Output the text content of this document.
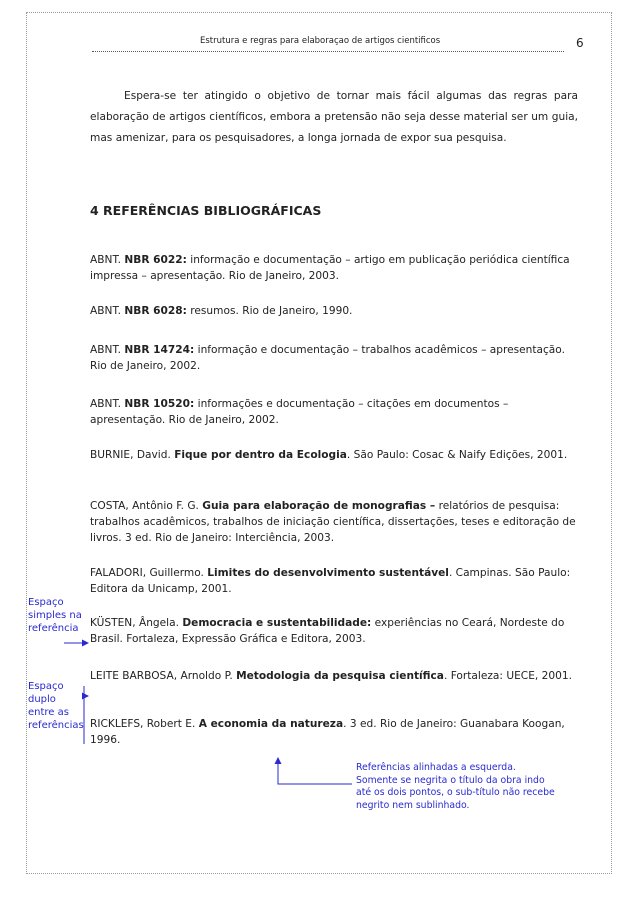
Estrutura e regras para elaboraçao de artigos cientificos	6

Espera-se ter atingido o objetivo de tornar mais fácil algumas das regras para elaboração de artigos científicos, embora a pretensão não seja desse material ser um guia, mas amenizar, para os pesquisadores, a longa jornada de expor sua pesquisa.

4 REFERÊNCIAS BIBLIOGRÁFICAS

ABNT. NBR 6022: informação e documentação – artigo em publicação periódica científica impressa – apresentação. Rio de Janeiro, 2003.

ABNT. NBR 6028: resumos. Rio de Janeiro, 1990.

ABNT. NBR 14724: informação e documentação – trabalhos acadêmicos – apresentação. Rio de Janeiro, 2002.

ABNT. NBR 10520: informações e documentação – citações em documentos – apresentação. Rio de Janeiro, 2002.

BURNIE, David. Fique por dentro da Ecologia. São Paulo: Cosac & Naify Edições, 2001.

COSTA, Antônio F. G. Guia para elaboração de monografias – relatórios de pesquisa: trabalhos acadêmicos, trabalhos de iniciação científica, dissertações, teses e editoração de livros. 3 ed. Rio de Janeiro: Interciência, 2003.

FALADORI, Guillermo. Limites do desenvolvimento sustentável. Campinas. São Paulo: Editora da Unicamp, 2001.

KÜSTEN, Ângela. Democracia e sustentabilidade: experiências no Ceará, Nordeste do Brasil. Fortaleza, Expressão Gráfica e Editora, 2003.

LEITE BARBOSA, Arnoldo P. Metodologia da pesquisa científica. Fortaleza: UECE, 2001.

RICKLEFS, Robert E. A economia da natureza. 3 ed. Rio de Janeiro: Guanabara Koogan, 1996.

Espaço
simples na
referência
Espaço
duplo
entre as
referências
Referências alinhadas a esquerda.
Somente se negrita o título da obra indo
até os dois pontos, o sub-título não recebe
negrito nem sublinhado.
